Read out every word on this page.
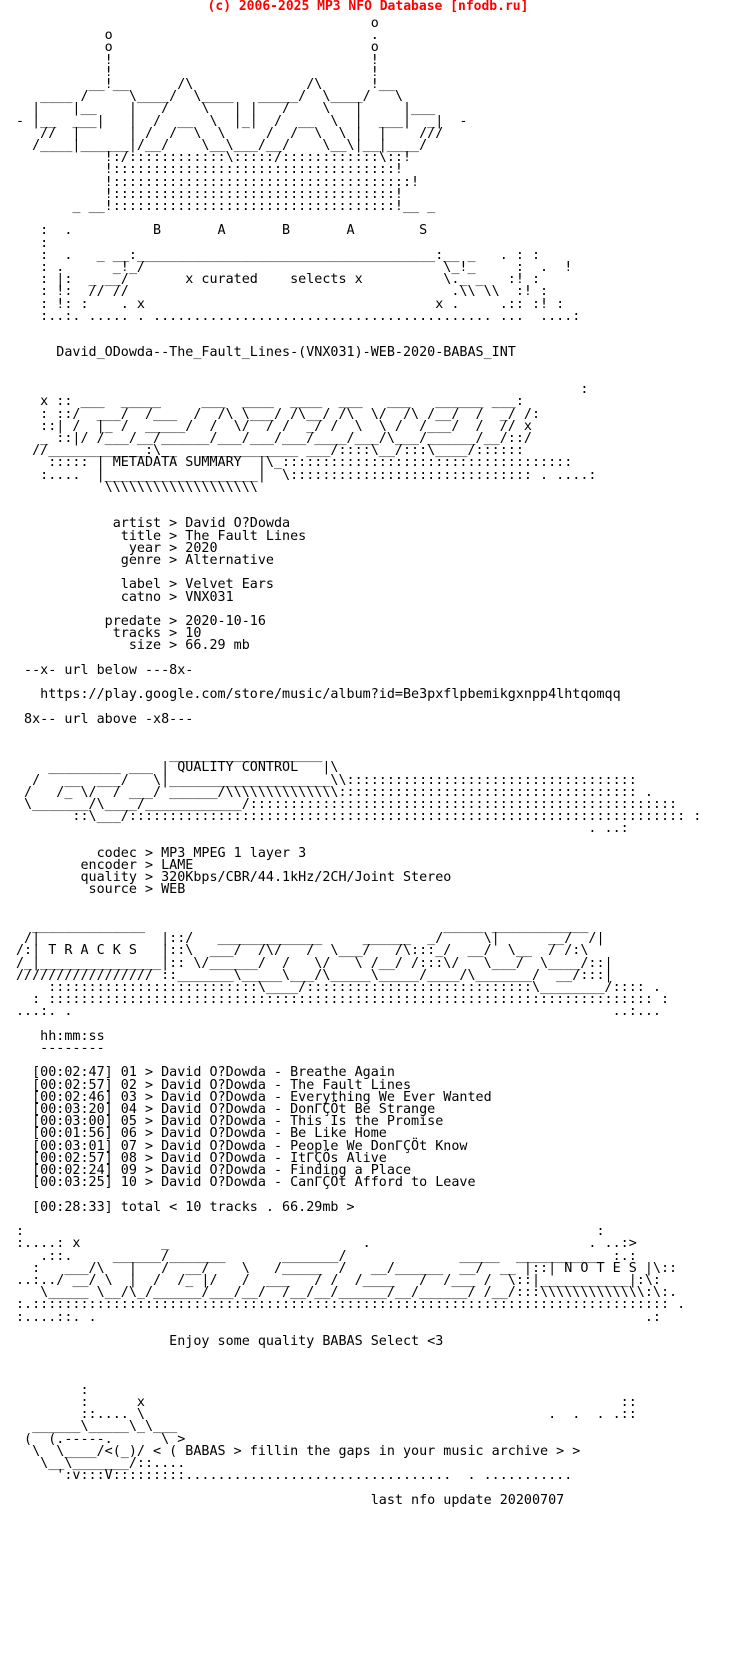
(c) 2006-2025 MP3 NFO Database [nfodb.ru]
o
o                                .
o                                o
!                                !
!                                !
__!__      /\              /\      !__
____ /     \____/  \____   _____/  \____/   \
|    |__    |   /    \   | |   /    \   |     |___
- |__  ___|   |  /  __  \  |_|  /  __  \  |  ___|  _|  -
//  |      | /  /  \  \     /  /  \  \ |  |    ///
/____|______|/__/    \__\___/__/    \__\|__|____/
!:/::::::::::::\:::::/::::::::::::\::!
!:::::::::::::::::::::::::::::::::::!
!:::::::::::::::::::::::::::::::::::::!
!:::::::::::::::::::::::::::::::::::!
_ __!:::::::::::::::::::::::::::::::::::!__ _

:  .          B       A       B       A        S
:
:  .   _ __:_____________________________________:__ _   . : :
: .      _!_/                                     \_!_     :  .  !
: |:  _ __/       x curated    selects x          \._ _   :! :
: !:  // //                                        .\\ \\  :! :
: !: :    . x                                    x .     .:: :! :
:..:. ..... . .......................................... ...  ....:

David_ODowda--The_Fault_Lines-(VNX031)-WEB-2020-BABAS_INT

:
x :: ___  _____     ___  ____  ____  ___   ___   ______ ___:
: ::/  ___/  /___  /  /\ \___/ /\__/ /\  \/  /\ /__/  /  _/ /:
::| /  |_ /  _____/  /  \/  / /  _/ /  \  \ /  /___/  /  // x
_ ::|/ /___/__/______/___/___/___/____/___/\___/______/__/::/
//____________:\__   ____________ ___/::::\__/:::\____/::::::
::::: | METADATA SUMMARY  |\_::::::::::::::::::::::::::::::::::::
:....  |___________________|  \:::::::::::::::::::::::::::::: . ....:
\\\\\\\\\\\\\\\\\\\

artist > David O?Dowda
title > The Fault Lines
year > 2020
genre > Alternative

label > Velvet Ears
catno > VNX031

predate > 2020-10-16
tracks > 10
size > 66.29 mb

--x- url below ---8x-

https://play.google.com/store/music/album?id=Be3pxflpbemikgxnpp4lhtqomqq

8x-- url above -x8---

___________________
_________ ___ | QUALITY CONTROL   |\
/   __  ___/   \|____________________\\::::::::::::::::::::::::::::::::::::
/   /_ \/  / ___/ ______/\\\\\\\\\\\\\\::::::::::::::::::::::::::::::::::::: .
\_______/\____/____________/:::::::::::::::::::::::::::::::::::::::::::::::::::::
::\___/::::::::::::::::::::::::::::::::::::::::::::::::::::::::::::::::::::: :
. ..:

codec > MP3 MPEG 1 layer 3
encoder > LAME
quality > 320Kbps/CBR/44.1kHz/2CH/Joint Stereo
source > WEB

______________                                     _____ ____________
/|               |::/   _____________     ______  _/     \|      __/  /|
/:| T R A C K S   |::\  ___/  /\/   /  \___/   /\:::_/  __/  \__  / /:\
/_|_______________|:: \/______/  /   \/   \ /__/ /:::\/   \___/  \____/::|
///////////////// ::_______\_____\___/\_____\_____/____/\_______/  __/:::|
::::::::::::::::::::::::::\____/::::::::::::::::::::::::::::\________/:::: .
: ::::::::::::::::::::::::::::::::::::::::::::::::::::::::::::::::::::::::::: :
...:. .                                                                   ..:...

hh:mm:ss
--------

[00:02:47] 01 > David O?Dowda - Breathe Again
[00:02:57] 02 > David O?Dowda - The Fault Lines
[00:02:46] 03 > David O?Dowda - Everything We Ever Wanted
[00:03:20] 04 > David O?Dowda - DonΓÇÖt Be Strange
[00:03:00] 05 > David O?Dowda - This Is the Promise
[00:01:56] 06 > David O?Dowda - Be Like Home
[00:03:01] 07 > David O?Dowda - People We DonΓÇÖt Know
[00:02:57] 08 > David O?Dowda - ItΓÇÖs Alive
[00:02:24] 09 > David O?Dowda - Finding a Place
[00:03:25] 10 > David O?Dowda - CanΓÇÖt Afford to Leave

[00:28:33] total < 10 tracks . 66.29mb >

:                                                                       :
:....: x          _                        .                           . ..:>
.::.     ______/_______       _______/              _____  ___________ :.:
:   ___/\   |   /  __/    \   /_____  /   __/______  __/  __ |::| N O T E S |\::
..:../ __/ \  |  /  /_ |/   /  ___   / /  /____   /  /___ /  \::|___________|:\:
\_____ \__/\_/______/___/__/  /__/__/______/__/______/ /__/:::\\\\\\\\\\\\\:\:.
:.::::::::::::::::::::::::::::::::::::::::::::::::::::::::::::::::::::::::::::::: .
:....::. .                                                                    .:

Enjoy some quality BABAS Select <3

:
:      x                                                           ::
::.... \                                                  .  .  . .::
______\_____\_\___
(  (.-----.      \ >
\  \____/<(_)/ < ( BABAS > fillin the gaps in your music archive > >
\__\_______/::....
':v:::V:::::::::.................................  . ...........

last nfo update 20200707
